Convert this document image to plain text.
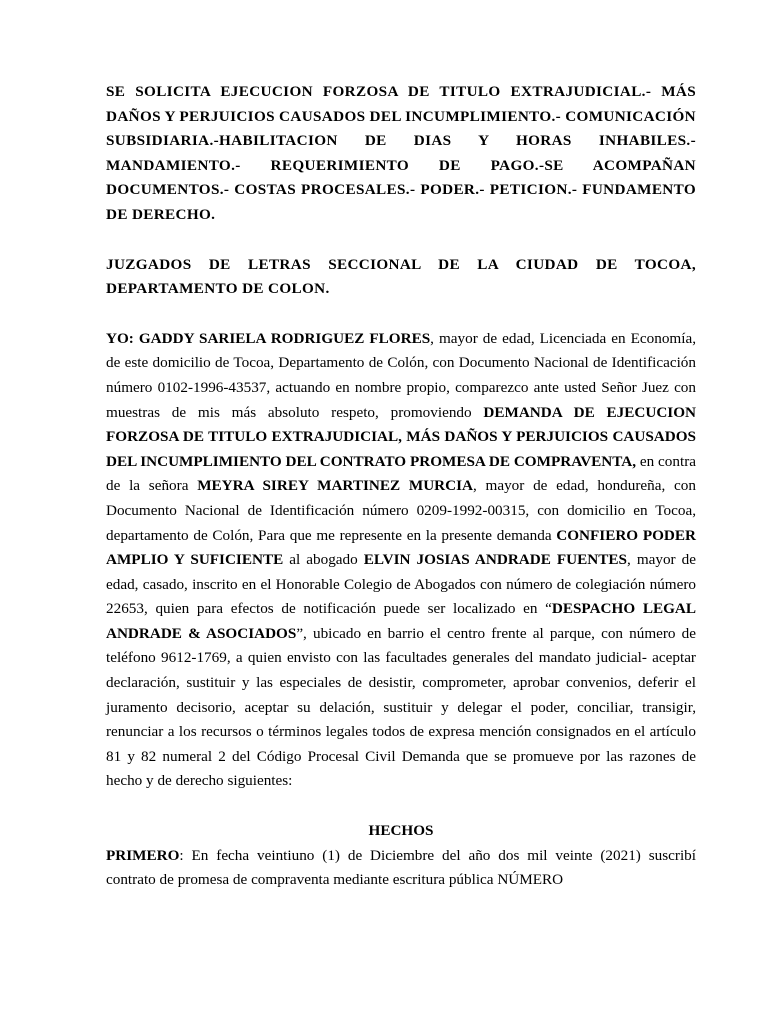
SE SOLICITA EJECUCION FORZOSA DE TITULO EXTRAJUDICIAL.- MÁS DAÑOS Y PERJUICIOS CAUSADOS DEL INCUMPLIMIENTO.- COMUNICACIÓN SUBSIDIARIA.-HABILITACION DE DIAS Y HORAS INHABILES.-MANDAMIENTO.- REQUERIMIENTO DE PAGO.-SE ACOMPAÑAN DOCUMENTOS.- COSTAS PROCESALES.- PODER.- PETICION.- FUNDAMENTO DE DERECHO.

JUZGADOS DE LETRAS SECCIONAL DE LA CIUDAD DE TOCOA, DEPARTAMENTO DE COLON.

YO: GADDY SARIELA RODRIGUEZ FLORES, mayor de edad, Licenciada en Economía, de este domicilio de Tocoa, Departamento de Colón, con Documento Nacional de Identificación número 0102-1996-43537, actuando en nombre propio, comparezco ante usted Señor Juez con muestras de mis más absoluto respeto, promoviendo DEMANDA DE EJECUCION FORZOSA DE TITULO EXTRAJUDICIAL, MÁS DAÑOS Y PERJUICIOS CAUSADOS DEL INCUMPLIMIENTO DEL CONTRATO PROMESA DE COMPRAVENTA, en contra de la señora MEYRA SIREY MARTINEZ MURCIA, mayor de edad, hondureña, con Documento Nacional de Identificación número 0209-1992-00315, con domicilio en Tocoa, departamento de Colón, Para que me represente en la presente demanda CONFIERO PODER AMPLIO Y SUFICIENTE al abogado ELVIN JOSIAS ANDRADE FUENTES, mayor de edad, casado, inscrito en el Honorable Colegio de Abogados con número de colegiación número 22653, quien para efectos de notificación puede ser localizado en “DESPACHO LEGAL ANDRADE & ASOCIADOS”, ubicado en barrio el centro frente al parque, con número de teléfono 9612-1769, a quien envisto con las facultades generales del mandato judicial- aceptar declaración, sustituir y las especiales de desistir, comprometer, aprobar convenios, deferir el juramento decisorio, aceptar su delación, sustituir y delegar el poder, conciliar, transigir, renunciar a los recursos o términos legales todos de expresa mención consignados en el artículo 81 y 82 numeral 2 del Código Procesal Civil Demanda que se promueve por las razones de hecho y de derecho siguientes:

HECHOS

PRIMERO: En fecha veintiuno (1) de Diciembre del año dos mil veinte (2021) suscribí contrato de promesa de compraventa mediante escritura pública NÚMERO
